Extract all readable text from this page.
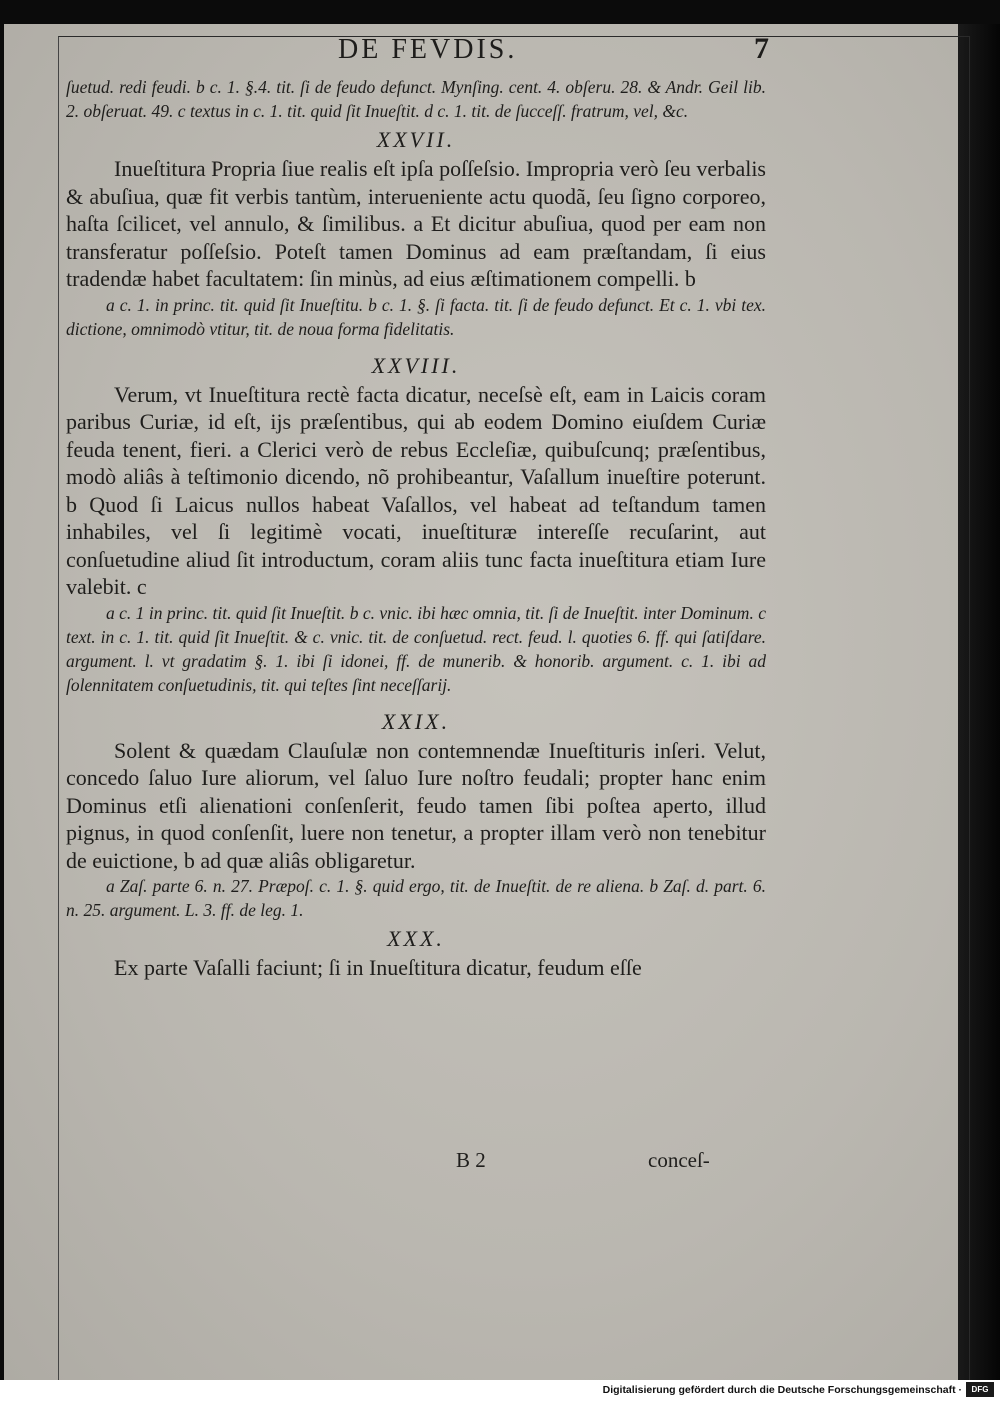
DE FEVDIS.	7

ſuetud. redi feudi. b c. 1. §.4. tit. ſi de feudo defunct. Mynſing. cent. 4. obſeru. 28. & Andr. Geil lib. 2. obſeruat. 49. c textus in c. 1. tit. quid ſit Inueſtit. d c. 1. tit. de ſucceſſ. fratrum, vel, &c.

XXVII.

Inueſtitura Propria ſiue realis eſt ipſa poſſeſsio. Impropria verò ſeu verbalis & abuſiua, quæ fit verbis tantùm, interueniente actu quodã, ſeu ſigno corporeo, haſta ſcilicet, vel annulo, & ſimilibus. a Et dicitur abuſiua, quod per eam non transferatur poſſeſsio. Poteſt tamen Dominus ad eam præſtandam, ſi eius tradendæ habet facultatem: ſin minùs, ad eius æſtimationem compelli. b

a c. 1. in princ. tit. quid ſit Inueſtitu. b c. 1. §. ſi facta. tit. ſi de feudo defunct. Et c. 1. vbi tex. dictione, omnimodò vtitur, tit. de noua forma fidelitatis.

XXVIII.

Verum, vt Inueſtitura rectè facta dicatur, neceſsè eſt, eam in Laicis coram paribus Curiæ, id eſt, ijs præſentibus, qui ab eodem Domino eiuſdem Curiæ feuda tenent, fieri. a Clerici verò de rebus Eccleſiæ, quibuſcunq; præſentibus, modò aliâs à teſtimonio dicendo, nõ prohibeantur, Vaſallum inueſtire poterunt. b Quod ſi Laicus nullos habeat Vaſallos, vel habeat ad teſtandum tamen inhabiles, vel ſi legitimè vocati, inueſtituræ intereſſe recuſarint, aut conſuetudine aliud ſit introductum, coram aliis tunc facta inueſtitura etiam Iure valebit. c

a c. 1 in princ. tit. quid ſit Inueſtit. b c. vnic. ibi hæc omnia, tit. ſi de Inueſtit. inter Dominum. c text. in c. 1. tit. quid ſit Inueſtit. & c. vnic. tit. de conſuetud. rect. feud. l. quoties 6. ff. qui ſatiſdare. argument. l. vt gradatim §. 1. ibi ſi idonei, ff. de munerib. & honorib. argument. c. 1. ibi ad ſolennitatem conſuetudinis, tit. qui teſtes ſint neceſſarij.

XXIX.

Solent & quædam Clauſulæ non contemnendæ Inueſtituris inſeri. Velut, concedo ſaluo Iure aliorum, vel ſaluo Iure noſtro feudali; propter hanc enim Dominus etſi alienationi conſenſerit, feudo tamen ſibi poſtea aperto, illud pignus, in quod conſenſit, luere non tenetur, a propter illam verò non tenebitur de euictione, b ad quæ aliâs obligaretur.

a Zaſ. parte 6. n. 27. Præpoſ. c. 1. §. quid ergo, tit. de Inueſtit. de re aliena. b Zaſ. d. part. 6. n. 25. argument. L. 3. ff. de leg. 1.

XXX.

Ex parte Vaſalli faciunt; ſi in Inueſtitura dicatur, feudum eſſe

B 2	conceſ-
Digitalisierung gefördert durch die Deutsche Forschungsgemeinschaft ·	DFG
